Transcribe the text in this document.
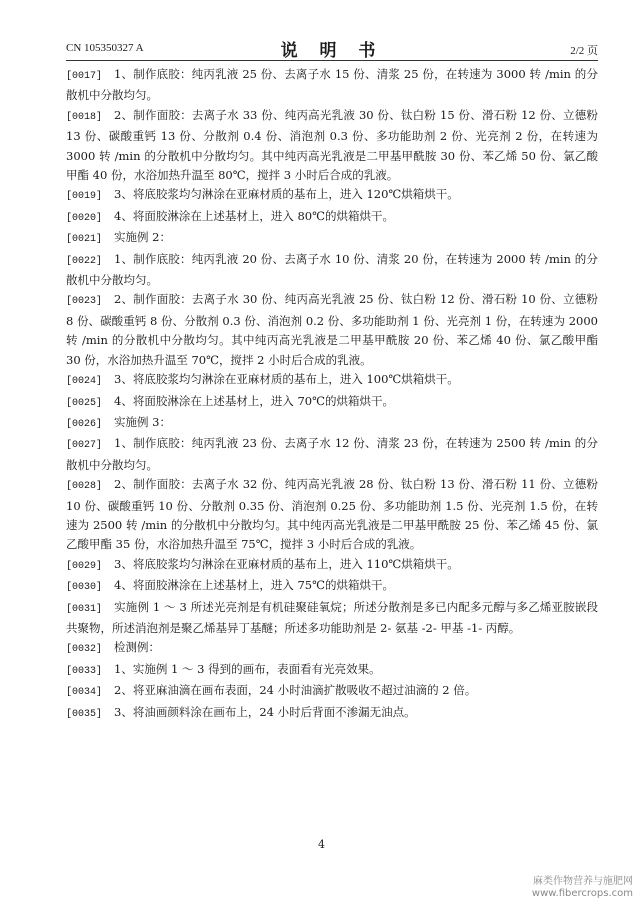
CN 105350327 A	说 明 书	2/2 页

[0017] 1、制作底胶：纯丙乳液 25 份、去离子水 15 份、清浆 25 份，在转速为 3000 转 /min 的分散机中分散均匀。

[0018] 2、制作面胶：去离子水 33 份、纯丙高光乳液 30 份、钛白粉 15 份、滑石粉 12 份、立德粉 13 份、碳酸重钙 13 份、分散剂 0.4 份、消泡剂 0.3 份、多功能助剂 2 份、光亮剂 2 份，在转速为 3000 转 /min 的分散机中分散均匀。其中纯丙高光乳液是二甲基甲酰胺 30 份、苯乙烯 50 份、氯乙酸甲酯 40 份，水浴加热升温至 80℃，搅拌 3 小时后合成的乳液。

[0019] 3、将底胶浆均匀淋涂在亚麻材质的基布上，进入 120℃烘箱烘干。

[0020] 4、将面胶淋涂在上述基材上，进入 80℃的烘箱烘干。

[0021] 实施例 2：

[0022] 1、制作底胶：纯丙乳液 20 份、去离子水 10 份、清浆 20 份，在转速为 2000 转 /min 的分散机中分散均匀。

[0023] 2、制作面胶：去离子水 30 份、纯丙高光乳液 25 份、钛白粉 12 份、滑石粉 10 份、立德粉 8 份、碳酸重钙 8 份、分散剂 0.3 份、消泡剂 0.2 份、多功能助剂 1 份、光亮剂 1 份，在转速为 2000 转 /min 的分散机中分散均匀。其中纯丙高光乳液是二甲基甲酰胺 20 份、苯乙烯 40 份、氯乙酸甲酯 30 份，水浴加热升温至 70℃，搅拌 2 小时后合成的乳液。

[0024] 3、将底胶浆均匀淋涂在亚麻材质的基布上，进入 100℃烘箱烘干。

[0025] 4、将面胶淋涂在上述基材上，进入 70℃的烘箱烘干。

[0026] 实施例 3：

[0027] 1、制作底胶：纯丙乳液 23 份、去离子水 12 份、清浆 23 份，在转速为 2500 转 /min 的分散机中分散均匀。

[0028] 2、制作面胶：去离子水 32 份、纯丙高光乳液 28 份、钛白粉 13 份、滑石粉 11 份、立德粉 10 份、碳酸重钙 10 份、分散剂 0.35 份、消泡剂 0.25 份、多功能助剂 1.5 份、光亮剂 1.5 份，在转速为 2500 转 /min 的分散机中分散均匀。其中纯丙高光乳液是二甲基甲酰胺 25 份、苯乙烯 45 份、氯乙酸甲酯 35 份，水浴加热升温至 75℃，搅拌 3 小时后合成的乳液。

[0029] 3、将底胶浆均匀淋涂在亚麻材质的基布上，进入 110℃烘箱烘干。

[0030] 4、将面胶淋涂在上述基材上，进入 75℃的烘箱烘干。

[0031] 实施例 1 ～ 3 所述光亮剂是有机硅聚硅氧烷；所述分散剂是多已内配多元醇与多乙烯亚胺嵌段共聚物，所述消泡剂是聚乙烯基异丁基醚；所述多功能助剂是 2- 氨基 -2- 甲基 -1- 丙醇。

[0032] 检测例：

[0033] 1、实施例 1 ～ 3 得到的画布，表面看有光亮效果。

[0034] 2、将亚麻油滴在画布表面，24 小时油滴扩散吸收不超过油滴的 2 倍。

[0035] 3、将油画颜料涂在画布上，24 小时后背面不渗漏无油点。

4
麻类作物营养与施肥网
www.fibercrops.com
